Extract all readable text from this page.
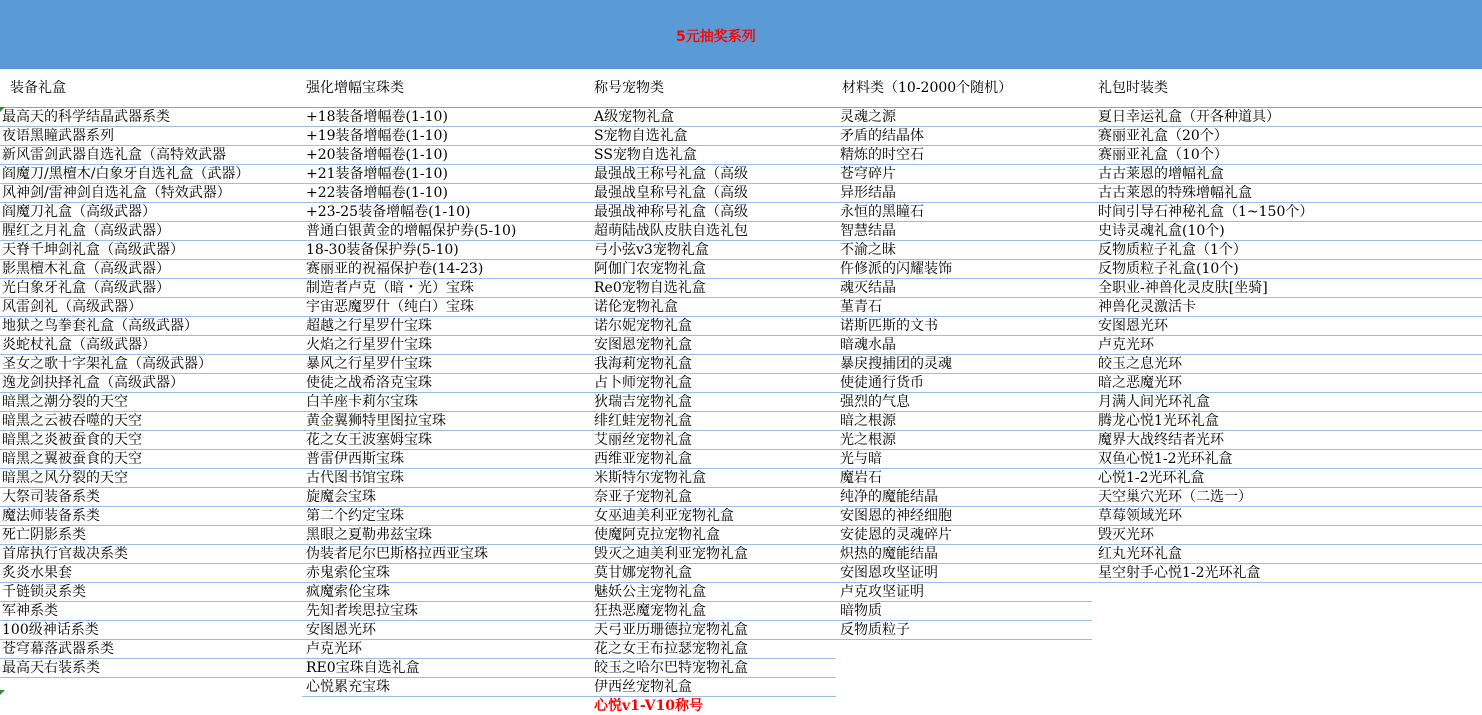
5元抽奖系列
装备礼盒
最高天的科学结晶武器系类
夜语黑瞳武器系列
新风雷剑武器自选礼盒（高特效武器
阎魔刀/黑檀木/白象牙自选礼盒（武器）
风神剑/雷神剑自选礼盒（特效武器）
阎魔刀礼盒（高级武器）
腥红之月礼盒（高级武器）
天脊千坤剑礼盒（高级武器）
影黑檀木礼盒（高级武器）
光白象牙礼盒（高级武器）
风雷剑礼（高级武器）
地狱之鸟拳套礼盒（高级武器）
炎蛇杖礼盒（高级武器）
圣女之歌十字架礼盒（高级武器）
逸龙剑抉择礼盒（高级武器）
暗黑之潮分裂的天空
暗黑之云被吞噬的天空
暗黑之炎被蚕食的天空
暗黑之翼被蚕食的天空
暗黑之风分裂的天空
大祭司装备系类
魔法师装备系类
死亡阴影系类
首席执行官裁决系类
炙炎水果套
千链锁灵系类
军神系类
100级神话系类
苍穹幕落武器系类
最高天右装系类
强化增幅宝珠类
+18装备增幅卷(1-10)
+19装备增幅卷(1-10)
+20装备增幅卷(1-10)
+21装备增幅卷(1-10)
+22装备增幅卷(1-10)
+23-25装备增幅卷(1-10)
普通白银黄金的增幅保护券(5-10)
18-30装备保护券(5-10)
赛丽亚的祝福保护卷(14-23)
制造者卢克（暗・光）宝珠
宇宙恶魔罗什（纯白）宝珠
超越之行星罗什宝珠
火焰之行星罗什宝珠
暴风之行星罗什宝珠
使徒之战希洛克宝珠
白羊座卡莉尔宝珠
黄金翼狮特里图拉宝珠
花之女王波塞姆宝珠
普雷伊西斯宝珠
古代图书馆宝珠
旋魔会宝珠
第二个约定宝珠
黑眼之夏勒弗兹宝珠
伪装者尼尔巴斯格拉西亚宝珠
赤鬼索伦宝珠
疯魔索伦宝珠
先知者埃思拉宝珠
安图恩光环
卢克光环
RE0宝珠自选礼盒
心悦累充宝珠
称号宠物类
A级宠物礼盒
S宠物自选礼盒
SS宠物自选礼盒
最强战王称号礼盒（高级
最强战皇称号礼盒（高级
最强战神称号礼盒（高级
超萌陆战队皮肤自选礼包
弓小弦v3宠物礼盒
阿伽门农宠物礼盒
Re0宠物自选礼盒
诺伦宠物礼盒
诺尔妮宠物礼盒
安图恩宠物礼盒
我海莉宠物礼盒
占卜师宠物礼盒
狄瑞吉宠物礼盒
绯红蛙宠物礼盒
艾丽丝宠物礼盒
西维亚宠物礼盒
米斯特尔宠物礼盒
奈亚子宠物礼盒
女巫迪美利亚宠物礼盒
使魔阿克拉宠物礼盒
毁灭之迪美利亚宠物礼盒
莫甘娜宠物礼盒
魅妖公主宠物礼盒
狂热恶魔宠物礼盒
天弓亚历珊德拉宠物礼盒
花之女王布拉瑟宠物礼盒
皎玉之哈尔巴特宠物礼盒
伊西丝宠物礼盒
材料类（10-2000个随机）
灵魂之源
矛盾的结晶体
精炼的时空石
苍穹碎片
异形结晶
永恒的黑瞳石
智慧结晶
不渝之昧
仵修派的闪耀装饰
魂灭结晶
堇青石
诺斯匹斯的文书
暗魂水晶
暴戾搜捕团的灵魂
使徒通行货币
强烈的气息
暗之根源
光之根源
光与暗
魔岩石
纯净的魔能结晶
安图恩的神经细胞
安徒恩的灵魂碎片
炽热的魔能结晶
安图恩攻坚证明
卢克攻坚证明
暗物质
反物质粒子
礼包时装类
夏日幸运礼盒（开各种道具）
赛丽亚礼盒（20个）
赛丽亚礼盒（10个）
古古莱恩的增幅礼盒
古古莱恩的特殊增幅礼盒
时间引导石神秘礼盒（1~150个）
史诗灵魂礼盒(10个)
反物质粒子礼盒（1个）
反物质粒子礼盒(10个)
全职业-神兽化灵皮肤[坐骑]
神兽化灵激活卡
安图恩光环
卢克光环
皎玉之息光环
暗之恶魔光环
月满人间光环礼盒
腾龙心悦1光环礼盒
魔界大战终结者光环
双鱼心悦1-2光环礼盒
心悦1-2光环礼盒
天空巢穴光环（二选一）
草莓领域光环
毁灭光环
红丸光环礼盒
星空射手心悦1-2光环礼盒
心悦v1-V10称号
